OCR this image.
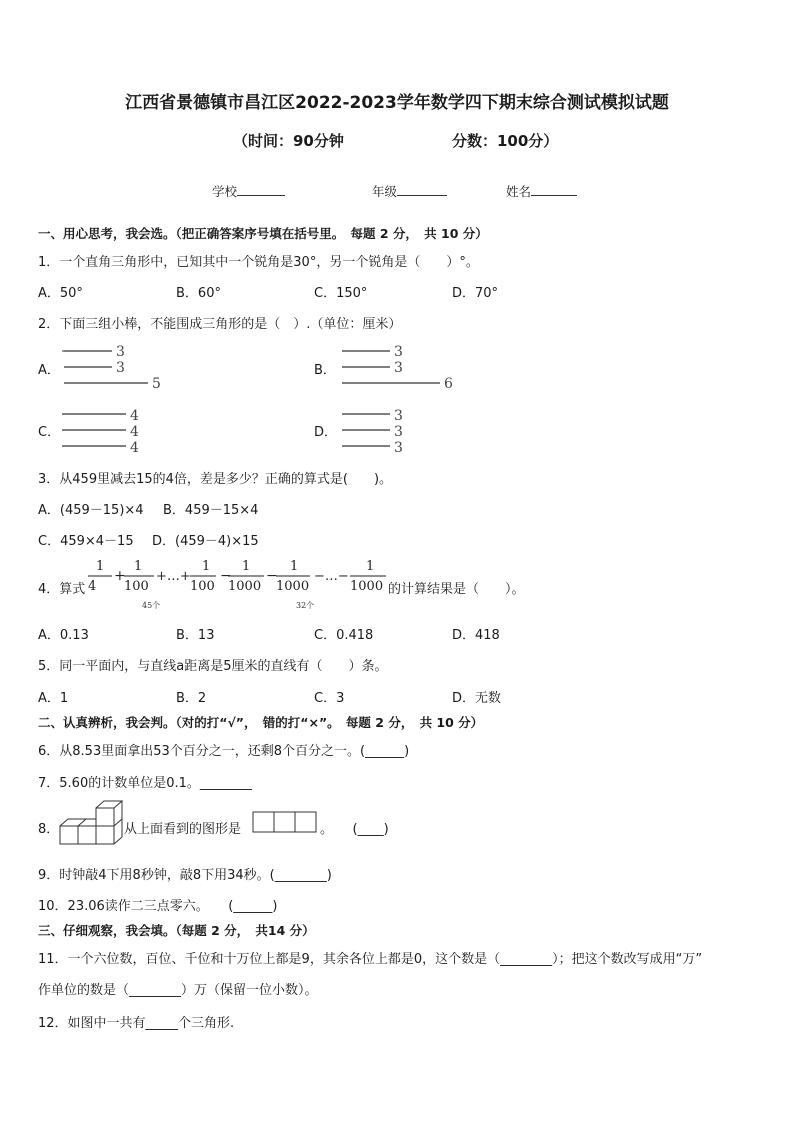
江西省景德镇市昌江区2022-2023学年数学四下期末综合测试模拟试题
（时间：90分钟	分数：100分）
学校	年级	姓名
一、用心思考，我会选。（把正确答案序号填在括号里。　每题 2 分，　共 10 分）
1．一个直角三角形中，已知其中一个锐角是30°，另一个锐角是（　　）°。
A．50°	B．60°	C．150°	D．70°
2．下面三组小棒，不能围成三角形的是（　）.（单位：厘米）
A．
3
3
5
B．
3
3
6
C．
4
4
4
D．
3
3
3
3．从459里减去15的4倍，差是多少？正确的算式是(　　)。
A．(459－15)×4 B．459－15×4
C．459×4－15 D．(459－4)×15
4．算式
1
4
+
1
100
+…+
1
100
−
1
1000
−
1
1000
−…−
1
1000
45个	32个
的计算结果是（　　）。
A．0.13	B．13	C．0.418	D．418
5．同一平面内，与直线a距离是5厘米的直线有（　　）条。
A．1	B．2	C．3	D．无数
二、认真辨析，我会判。（对的打“√”，　错的打“×”。　每题 2 分，　共 10 分）
6．从8.53里面拿出53个百分之一，还剩8个百分之一。(______)
7．5.60的计数单位是0.1。________
8．	从上面看到的图形是	。　　(____)
9．时钟敲4下用8秒钟，敲8下用34秒。(________)
10．23.06读作二三点零六。　　(______)
三、仔细观察，我会填。（每题 2 分，　共14 分）
11．一个六位数，百位、千位和十万位上都是9，其余各位上都是0，这个数是（________）；把这个数改写成用“万”
作单位的数是（________）万（保留一位小数）。
12．如图中一共有_____个三角形.
